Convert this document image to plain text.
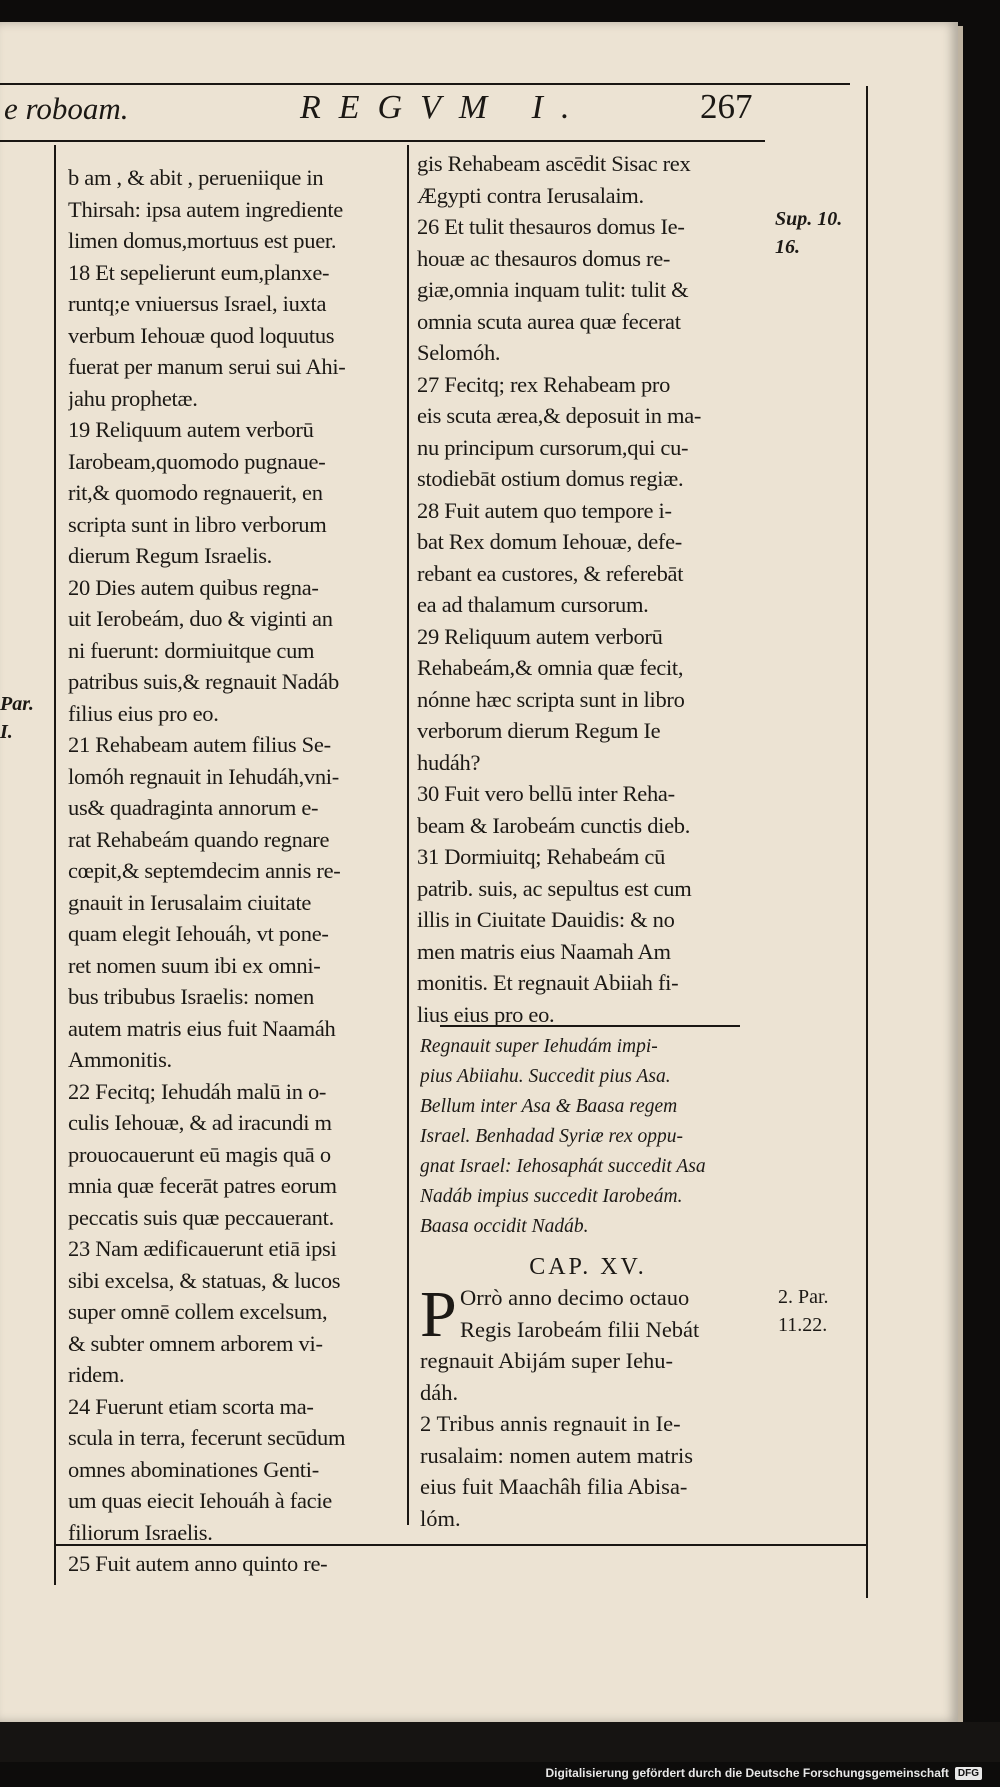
e roboam.	REGVM I.	267
b am , & abit , perueniique in
Thirsah: ipsa autem ingrediente
limen domus,mortuus est puer.
18 Et sepelierunt eum,planxe-
runtq;e vniuersus Israel, iuxta
verbum Iehouæ quod loquutus
fuerat per manum serui sui Ahi-
jahu prophetæ.
19 Reliquum autem verborū
Iarobeam,quomodo pugnaue-
rit,& quomodo regnauerit, en
scripta sunt in libro verborum
dierum Regum Israelis.
20 Dies autem quibus regna-
uit Ierobeám, duo & viginti an
ni fuerunt: dormiuitque cum
patribus suis,& regnauit Nadáb
filius eius pro eo.
21 Rehabeam autem filius Se-
lomóh regnauit in Iehudáh,vni-
us& quadraginta annorum e-
rat Rehabeám quando regnare
cœpit,& septemdecim annis re-
gnauit in Ierusalaim ciuitate
quam elegit Iehouáh, vt pone-
ret nomen suum ibi ex omni-
bus tribubus Israelis: nomen
autem matris eius fuit Naamáh
Ammonitis.
22 Fecitq; Iehudáh malū in o-
culis Iehouæ, & ad iracundi m
prouocauerunt eū magis quā o
mnia quæ fecerāt patres eorum
peccatis suis quæ peccauerant.
23 Nam ædificauerunt etiā ipsi
sibi excelsa, & statuas, & lucos
super omnē collem excelsum,
& subter omnem arborem vi-
ridem.
24 Fuerunt etiam scorta ma-
scula in terra, fecerunt secūdum
omnes abominationes Genti-
um quas eiecit Iehouáh à facie
filiorum Israelis.
25 Fuit autem anno quinto re-
gis Rehabeam ascēdit Sisac rex
Ægypti contra Ierusalaim.
26 Et tulit thesauros domus Ie-
houæ ac thesauros domus re-
giæ,omnia inquam tulit: tulit &
omnia scuta aurea quæ fecerat
Selomóh.
27 Fecitq; rex Rehabeam pro
eis scuta ærea,& deposuit in ma-
nu principum cursorum,qui cu-
stodiebāt ostium domus regiæ.
28 Fuit autem quo tempore i-
bat Rex domum Iehouæ, defe-
rebant ea custores, & referebāt
ea ad thalamum cursorum.
29 Reliquum autem verborū
Rehabeám,& omnia quæ fecit,
nónne hæc scripta sunt in libro
verborum dierum Regum Ie
hudáh?
30 Fuit vero bellū inter Reha-
beam & Iarobeám cunctis dieb.
31 Dormiuitq; Rehabeám cū
patrib. suis, ac sepultus est cum
illis in Ciuitate Dauidis: & no
men matris eius Naamah Am
monitis. Et regnauit Abiiah fi-
lius eius pro eo.
Regnauit super Iehudám impi-
pius Abiiahu. Succedit pius Asa.
Bellum inter Asa & Baasa regem
Israel. Benhadad Syriæ rex oppu-
gnat Israel: Iehosaphát succedit Asa
Nadáb impius succedit Iarobeám.
Baasa occidit Nadáb.
CAP. XV.
P Orrò anno decimo octauo
Regis Iarobeám filii Nebát
regnauit Abijám super Iehu-
dáh.
2 Tribus annis regnauit in Ie-
rusalaim: nomen autem matris
eius fuit Maachâh filia Abisa-
lóm.
Sup. 10.
16.
Par.
I.
2. Par.
11.22.
Digitalisierung gefördert durch die Deutsche Forschungsgemeinschaft DFG
